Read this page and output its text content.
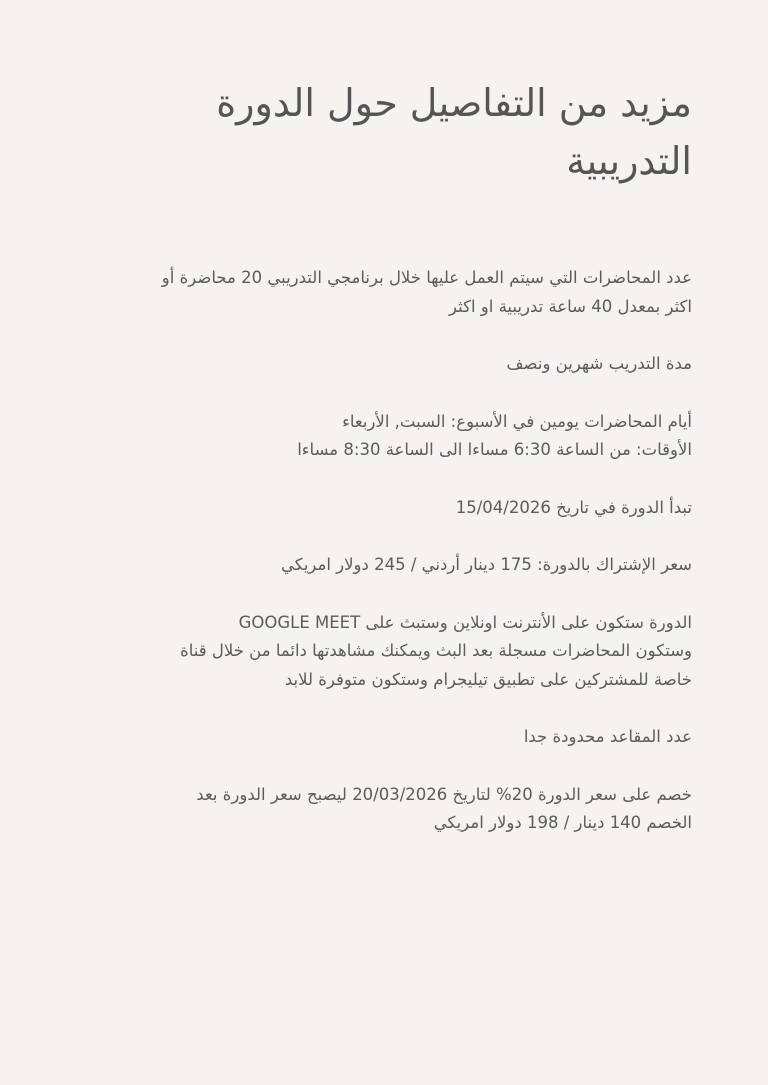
مزيد من التفاصيل حول الدورة التدريبية

عدد المحاضرات التي سيتم العمل عليها خلال برنامجي التدريبي 20 محاضرة أو
اكثر بمعدل 40 ساعة تدريبية او اكثر

مدة التدريب شهرين ونصف

أيام المحاضرات يومين في الأسبوع: السبت, الأربعاء
الأوقات: من الساعة 6:30 مساءا الى الساعة 8:30 مساءا

تبدأ الدورة في تاريخ 15/04/2026

سعر الإشتراك بالدورة: 175 دينار أردني / 245 دولار امريكي

الدورة ستكون على الأنترنت اونلاين وستبث على GOOGLE MEET
وستكون المحاضرات مسجلة بعد البث ويمكنك مشاهدتها دائما من خلال قناة
خاصة للمشتركين على تطبيق تيليجرام وستكون متوفرة للابد

عدد المقاعد محدودة جدا

خصم على سعر الدورة 20% لتاريخ 20/03/2026 ليصبح سعر الدورة بعد
الخصم 140 دينار / 198 دولار امريكي
